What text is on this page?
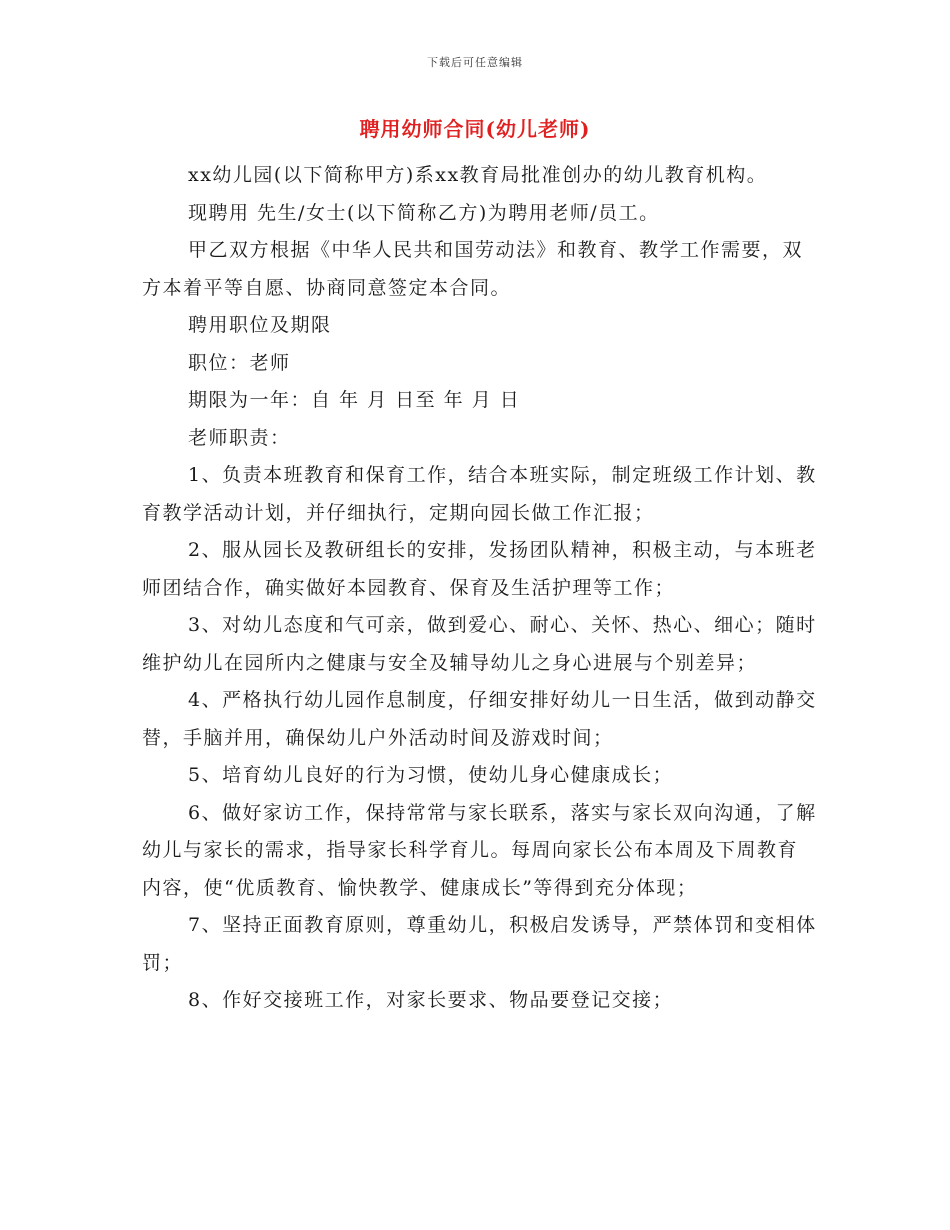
下载后可任意编辑
聘用幼师合同(幼儿老师)

xx幼儿园(以下简称甲方)系xx教育局批准创办的幼儿教育机构。

现聘用 先生/女士(以下简称乙方)为聘用老师/员工。

甲乙双方根据《中华人民共和国劳动法》和教育、教学工作需要，双方本着平等自愿、协商同意签定本合同。

聘用职位及期限

职位：老师

期限为一年：自 年 月 日至 年 月 日

老师职责：

1、负责本班教育和保育工作，结合本班实际，制定班级工作计划、教育教学活动计划，并仔细执行，定期向园长做工作汇报；

2、服从园长及教研组长的安排，发扬团队精神，积极主动，与本班老师团结合作，确实做好本园教育、保育及生活护理等工作；

3、对幼儿态度和气可亲，做到爱心、耐心、关怀、热心、细心；随时维护幼儿在园所内之健康与安全及辅导幼儿之身心进展与个别差异；

4、严格执行幼儿园作息制度，仔细安排好幼儿一日生活，做到动静交替，手脑并用，确保幼儿户外活动时间及游戏时间；

5、培育幼儿良好的行为习惯，使幼儿身心健康成长；

6、做好家访工作，保持常常与家长联系，落实与家长双向沟通，了解幼儿与家长的需求，指导家长科学育儿。每周向家长公布本周及下周教育内容，使“优质教育、愉快教学、健康成长”等得到充分体现；

7、坚持正面教育原则，尊重幼儿，积极启发诱导，严禁体罚和变相体罚；

8、作好交接班工作，对家长要求、物品要登记交接；
